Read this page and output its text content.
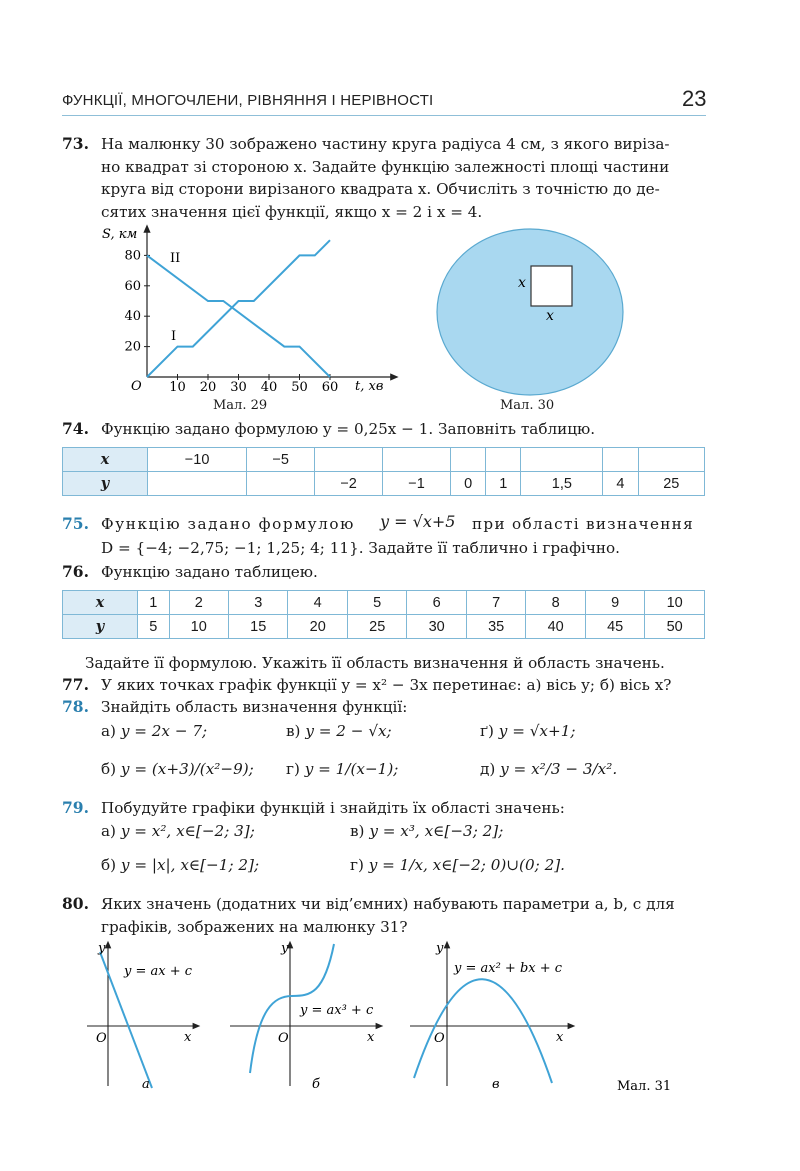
ФУНКЦІЇ, МНОГОЧЛЕНИ, РІВНЯННЯ І НЕРІВНОСТІ	23
73. На малюнку 30 зображено частину круга радіуса 4 см, з якого виріза-
но квадрат зі стороною x. Задайте функцію залежності площі частини
круга від сторони вирізаного квадрата x. Обчисліть з точністю до де-
сятих значення цієї функції, якщо x = 2 і x = 4.
10 20 30 40 50 60
20
40
60
80
S, км
t, хв
O
I
II
Мал. 29
x
x
Мал. 30
74. Функцію задано формулою y = 0,25x − 1. Заповніть таблицю.
x	−10	−5							
y			−2	−1	0	1	1,5	4	25
75. Функцію задано формулою y = √x+5 при області визначення
D = {−4; −2,75; −1; 1,25; 4; 11}. Задайте її таблично і графічно.
76. Функцію задано таблицею.
x	1	2	3	4	5	6	7	8	9	10
y	5	10	15	20	25	30	35	40	45	50
Задайте її формулою. Укажіть її область визначення й область значень.
77. У яких точках графік функції y = x² − 3x перетинає: а) вісь y; б) вісь x?
78. Знайдіть область визначення функції:
а) y = 2x − 7;	в) y = 2 − √x;	ґ) y = √x+1;
б) y = (x+3)/(x²−9); г) y = 1/(x−1);	д) y = x²/3 − 3/x².
79. Побудуйте графіки функцій і знайдіть їх області значень:
а) y = x², x∈[−2; 3];	в) y = x³, x∈[−3; 2];
б) y = |x|, x∈[−1; 2];	г) y = 1/x, x∈[−2; 0)∪(0; 2].
80. Яких значень (додатних чи від’ємних) набувають параметри a, b, c для
графіків, зображених на малюнку 31?
y
x
O
y = ax + c
а
y
x
O
y = ax³ + c
б
y
x
O
y = ax² + bx + c
в	Мал. 31
